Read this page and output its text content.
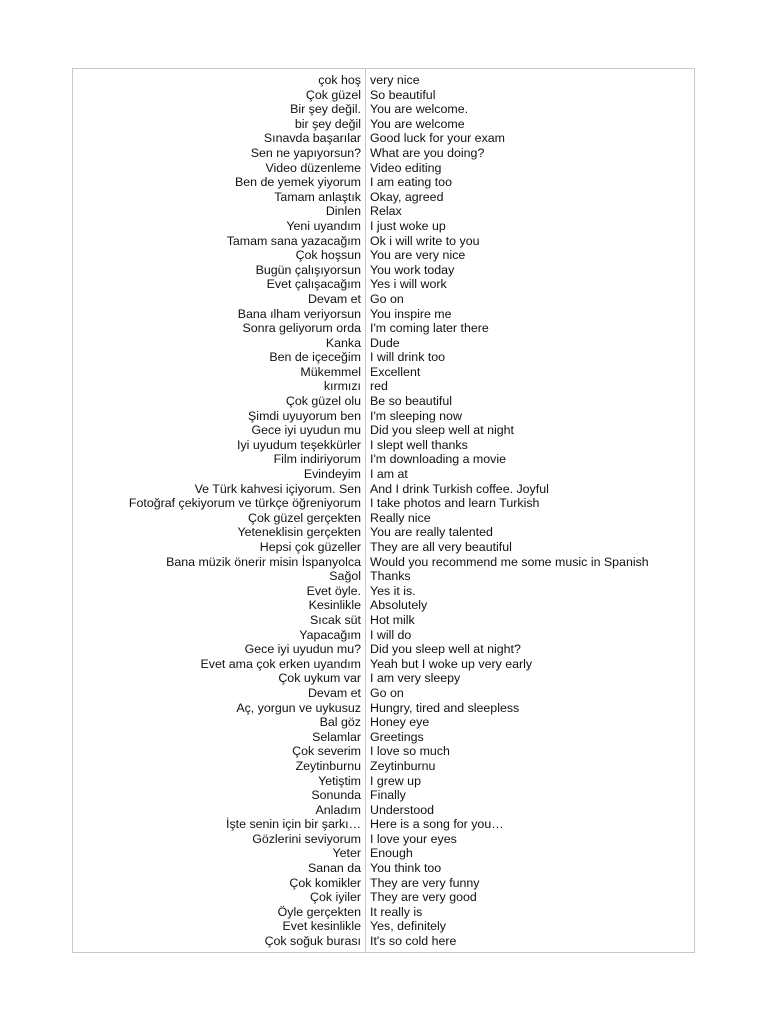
çok hoş very nice
Çok güzel So beautiful
Bir şey değil. You are welcome.
bir şey değil You are welcome
Sınavda başarılar Good luck for your exam
Sen ne yapıyorsun? What are you doing?
Video düzenleme Video editing
Ben de yemek yiyorum I am eating too
Tamam anlaştık Okay, agreed
Dinlen Relax
Yeni uyandım I just woke up
Tamam sana yazacağım Ok i will write to you
Çok hoşsun You are very nice
Bugün çalışıyorsun You work today
Evet çalışacağım Yes i will work
Devam et Go on
Bana ılham veriyorsun You inspire me
Sonra geliyorum orda I'm coming later there
Kanka Dude
Ben de içeceğim I will drink too
Mükemmel Excellent
kırmızı red
Çok güzel olu Be so beautiful
Şimdi uyuyorum ben I'm sleeping now
Gece iyi uyudun mu Did you sleep well at night
Iyi uyudum teşekkürler I slept well thanks
Film indiriyorum I'm downloading a movie
Evindeyim I am at
Ve Türk kahvesi içiyorum. Sen And I drink Turkish coffee. Joyful
Fotoğraf çekiyorum ve türkçe öğreniyorum I take photos and learn Turkish
Çok güzel gerçekten Really nice
Yeteneklisin gerçekten You are really talented
Hepsi çok güzeller They are all very beautiful
Bana müzik önerir misin İspanyolca Would you recommend me some music in Spanish
Sağol Thanks
Evet öyle. Yes it is.
Kesinlikle Absolutely
Sıcak süt Hot milk
Yapacağım I will do
Gece iyi uyudun mu? Did you sleep well at night?
Evet ama çok erken uyandım Yeah but I woke up very early
Çok uykum var I am very sleepy
Devam et Go on
Aç, yorgun ve uykusuz Hungry, tired and sleepless
Bal göz Honey eye
Selamlar Greetings
Çok severim I love so much
Zeytinburnu Zeytinburnu
Yetiştim I grew up
Sonunda Finally
Anladım Understood
İşte senin için bir şarkı… Here is a song for you…
Gözlerini seviyorum I love your eyes
Yeter Enough
Sanan da You think too
Çok komikler They are very funny
Çok iyiler They are very good
Öyle gerçekten It really is
Evet kesinlikle Yes, definitely
Çok soğuk burası It's so cold here
